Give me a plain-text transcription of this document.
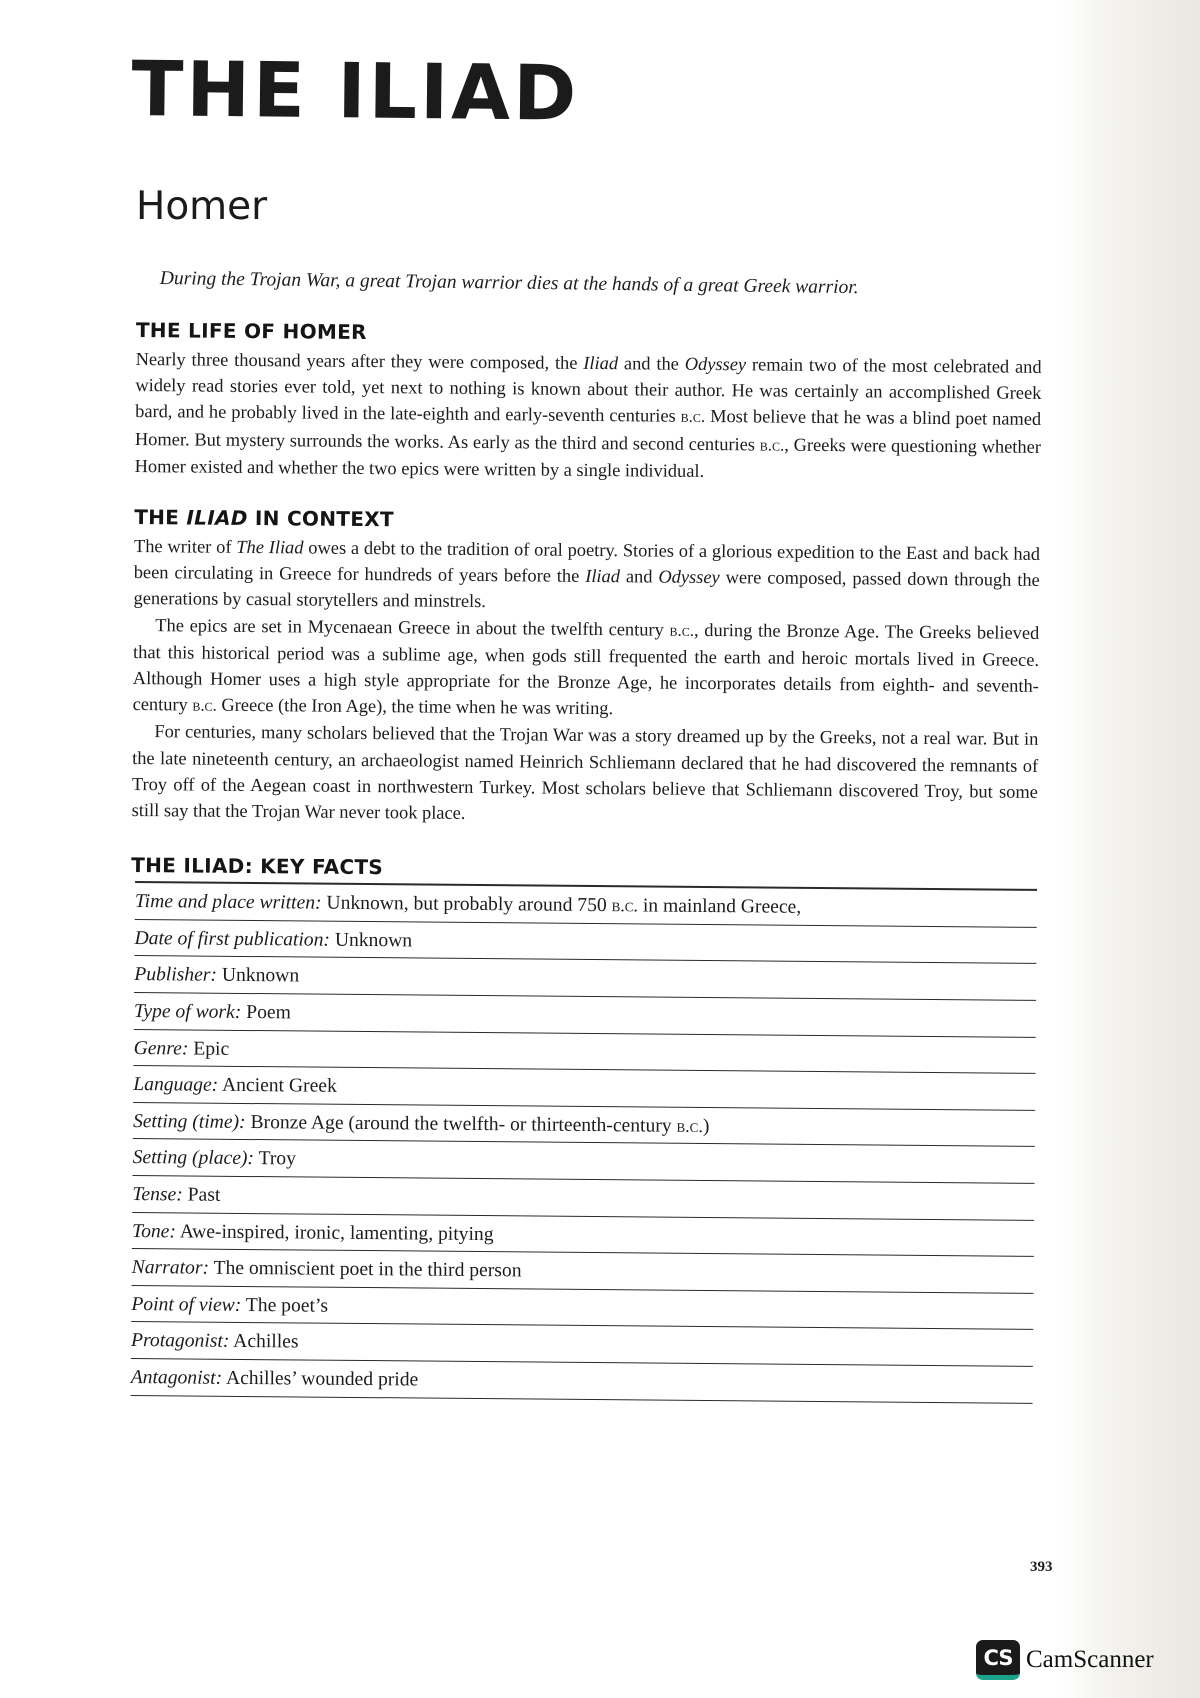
THE ILIAD
Homer

During the Trojan War, a great Trojan warrior dies at the hands of a great Greek warrior.

THE LIFE OF HOMER

Nearly three thousand years after they were composed, the Iliad and the Odyssey remain two of the most celebrated and widely read stories ever told, yet next to nothing is known about their author. He was certainly an accomplished Greek bard, and he probably lived in the late-eighth and early-seventh centuries b.c. Most believe that he was a blind poet named Homer. But mystery surrounds the works. As early as the third and second centuries b.c., Greeks were questioning whether Homer existed and whether the two epics were written by a single individual.

THE ILIAD IN CONTEXT

The writer of The Iliad owes a debt to the tradition of oral poetry. Stories of a glorious expedition to the East and back had been circulating in Greece for hundreds of years before the Iliad and Odyssey were composed, passed down through the generations by casual storytellers and minstrels.

The epics are set in Mycenaean Greece in about the twelfth century b.c., during the Bronze Age. The Greeks believed that this historical period was a sublime age, when gods still frequented the earth and heroic mortals lived in Greece. Although Homer uses a high style appropriate for the Bronze Age, he incorporates details from eighth- and seventh-century b.c. Greece (the Iron Age), the time when he was writing.

For centuries, many scholars believed that the Trojan War was a story dreamed up by the Greeks, not a real war. But in the late nineteenth century, an archaeologist named Heinrich Schliemann declared that he had discovered the remnants of Troy off of the Aegean coast in northwestern Turkey. Most scholars believe that Schliemann discovered Troy, but some still say that the Trojan War never took place.

THE ILIAD: KEY FACTS
Time and place written: Unknown, but probably around 750 b.c. in mainland Greece,
Date of first publication: Unknown
Publisher: Unknown
Type of work: Poem
Genre: Epic
Language: Ancient Greek
Setting (time): Bronze Age (around the twelfth- or thirteenth-century b.c.)
Setting (place): Troy
Tense: Past
Tone: Awe-inspired, ironic, lamenting, pitying
Narrator: The omniscient poet in the third person
Point of view: The poet’s
Protagonist: Achilles
Antagonist: Achilles’ wounded pride
393
CS CamScanner
